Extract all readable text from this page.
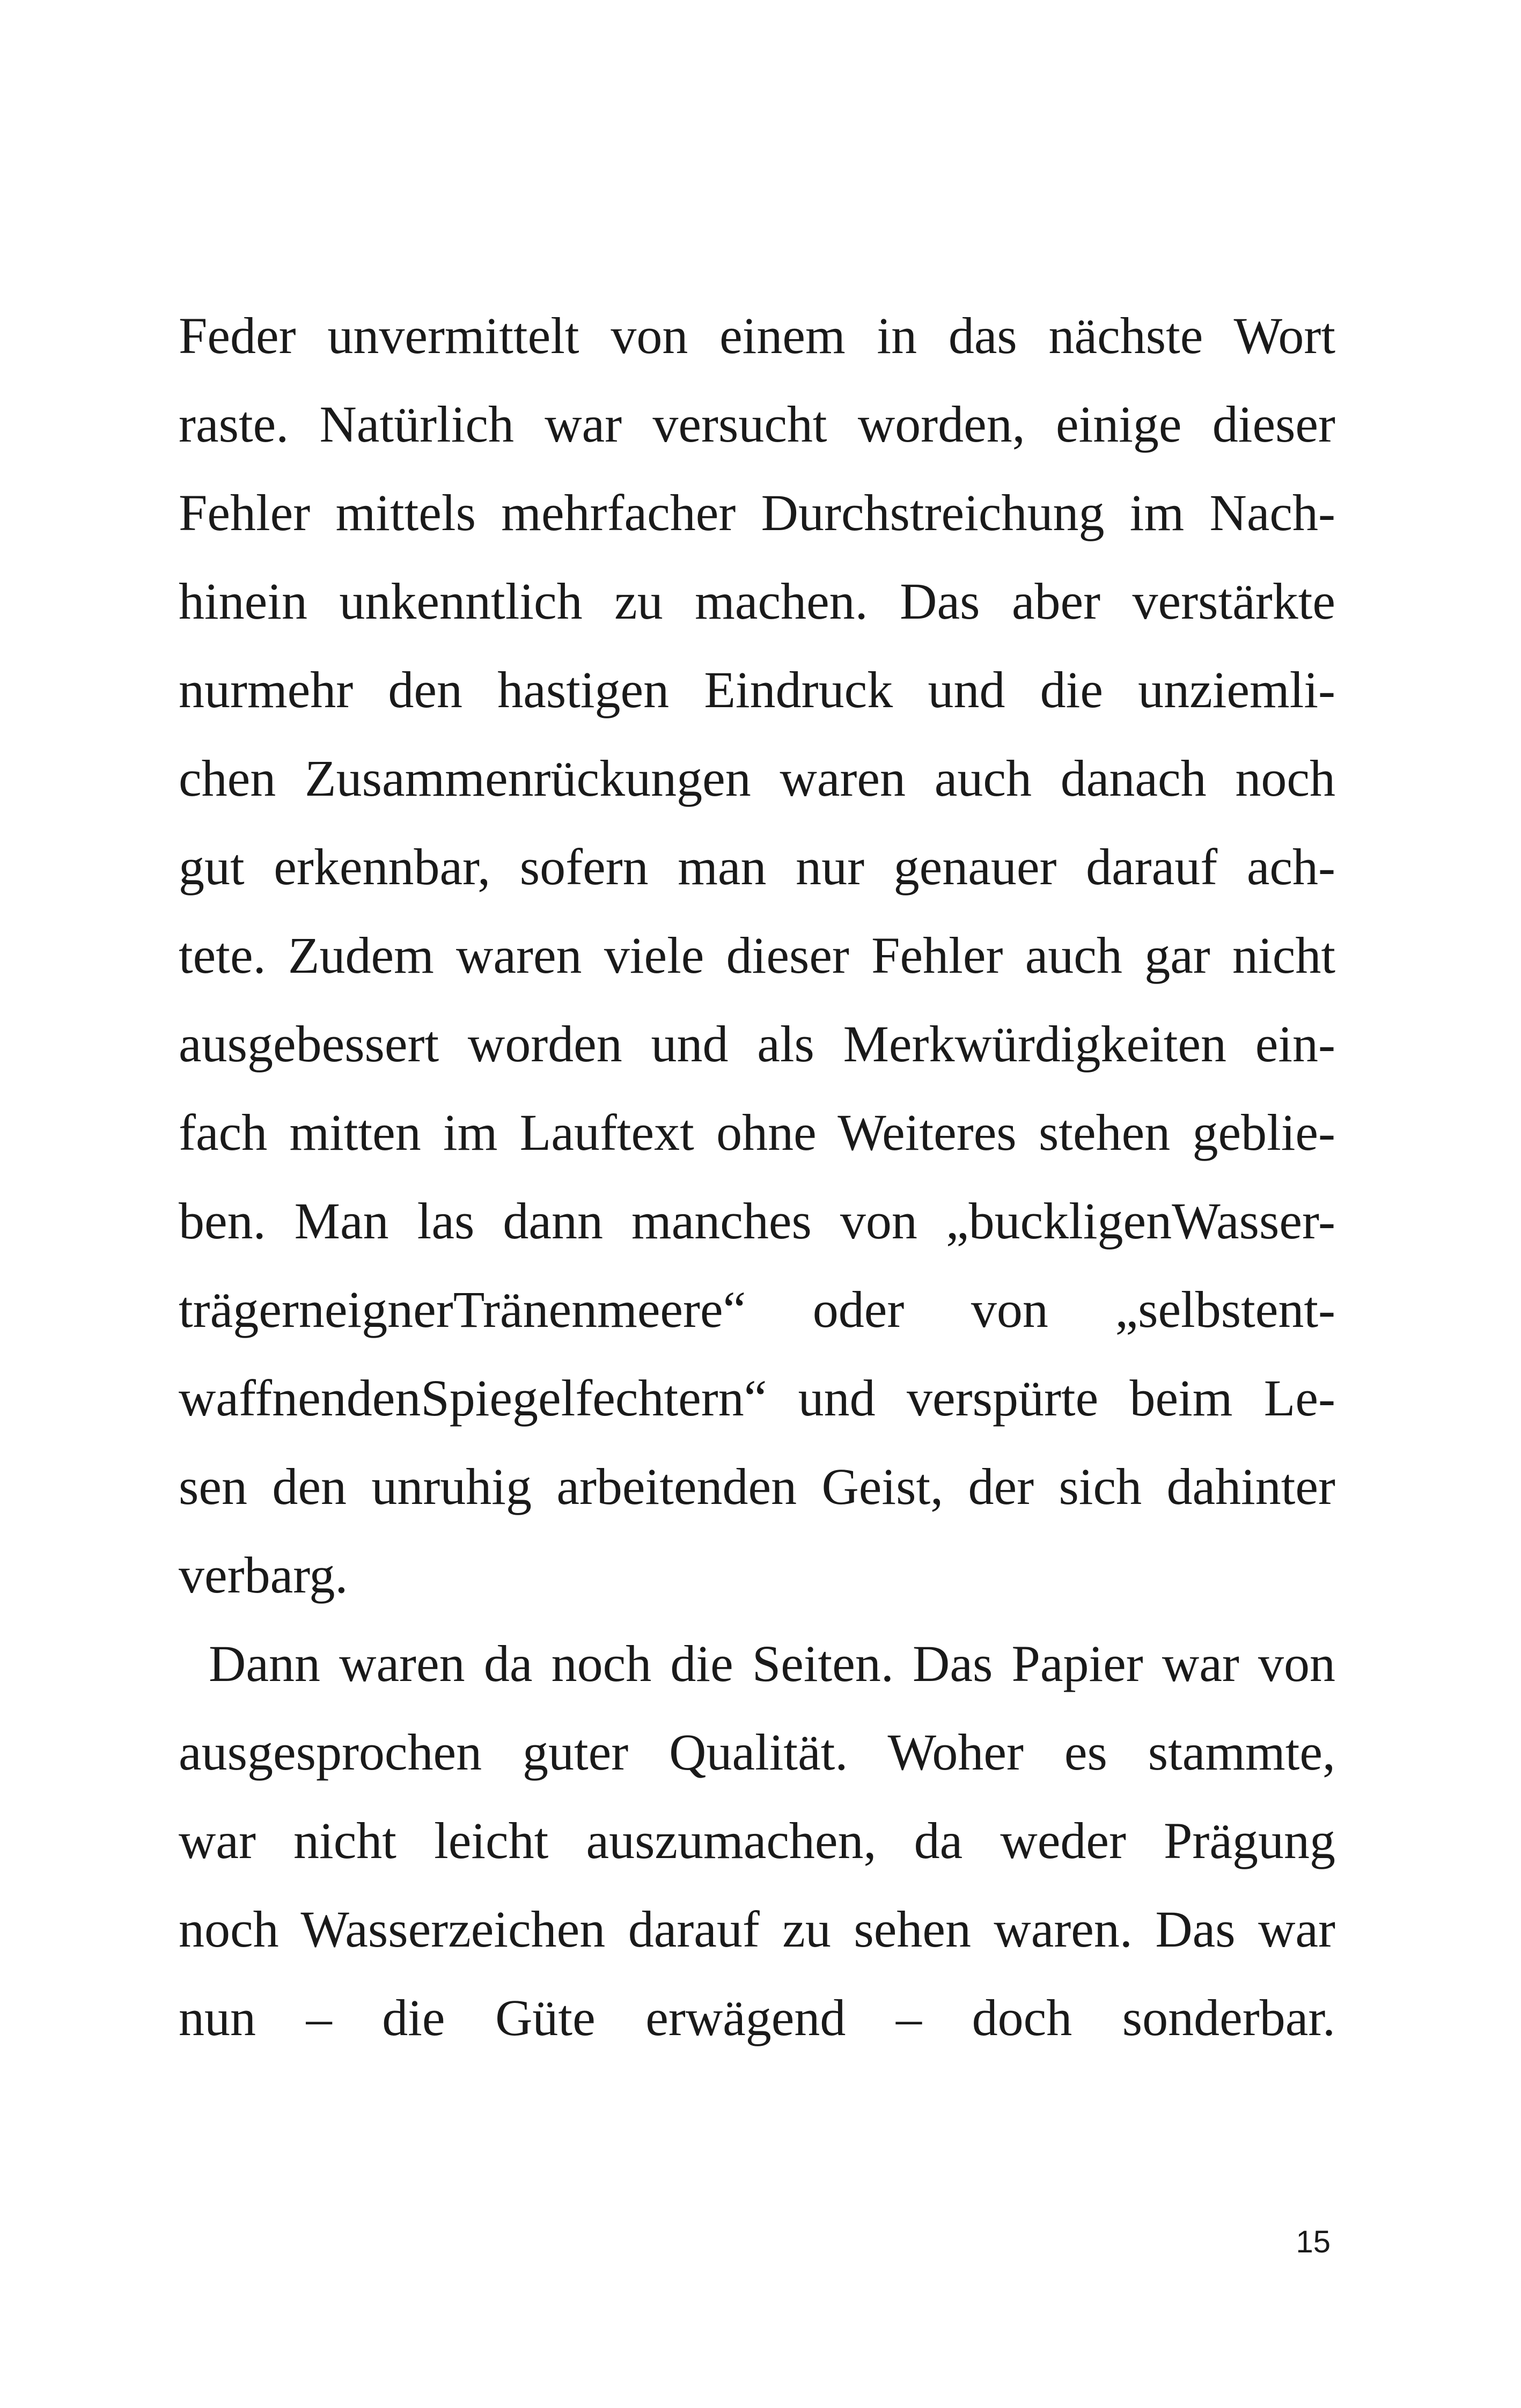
Feder unvermittelt von einem in das nächste Wort
raste. Natürlich war versucht worden, einige dieser
Fehler mittels mehrfacher Durchstreichung im Nach-
hinein unkenntlich zu machen. Das aber verstärkte
nurmehr den hastigen Eindruck und die unziemli-
chen Zusammenrückungen waren auch danach noch
gut erkennbar, sofern man nur genauer darauf ach-
tete. Zudem waren viele dieser Fehler auch gar nicht
ausgebessert worden und als Merkwürdigkeiten ein-
fach mitten im Lauftext ohne Weiteres stehen geblie-
ben. Man las dann manches von „buckligenWasser-
trägerneignerTränenmeere“ oder von „selbstent-
waffnendenSpiegelfechtern“ und verspürte beim Le-
sen den unruhig arbeitenden Geist, der sich dahinter
verbarg.
Dann waren da noch die Seiten. Das Papier war von
ausgesprochen guter Qualität. Woher es stammte,
war nicht leicht auszumachen, da weder Prägung
noch Wasserzeichen darauf zu sehen waren. Das war
nun – die Güte erwägend – doch sonderbar.
15
